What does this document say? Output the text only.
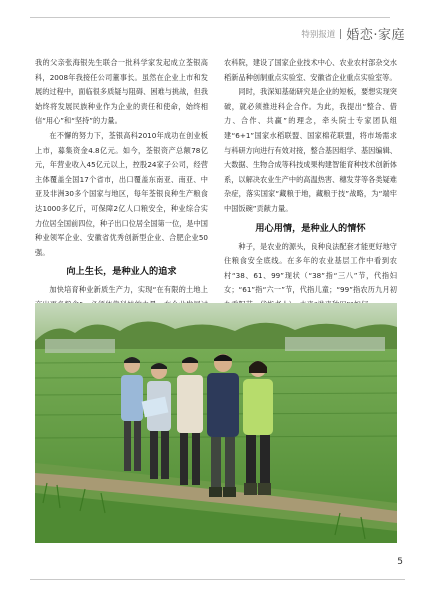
特别报道 婚恋·家庭

我的父亲张海银先生联合一批科学家发起成立荃银高科，2008年我接任公司董事长。虽然在企业上市和发展的过程中，面临很多质疑与阻碍、困难与挑战，但我始终将发展民族种业作为企业的责任和使命，始终相信“用心”和“坚持”的力量。

在不懈的努力下，荃银高科2010年成功在创业板上市，募集资金4.8亿元。如今，荃银资产总额78亿元，年营业收入45亿元以上，控股24家子公司，经营主体覆盖全国17个省市，出口覆盖东南亚、南亚、中亚及非洲30多个国家与地区，每年荃银良种生产粮食达1000多亿斤，可保障2亿人口粮安全，种业综合实力位居全国前四位，种子出口位居全国第一位，是中国种业领军企业、安徽省优秀创新型企业、合肥企业50强。

向上生长，是种业人的追求

加快培育种业新质生产力，实现“在有限的土地上

农科院，建设了国家企业技术中心、农业农村部杂交水稻新品种创制重点实验室、安徽省企业重点实验室等。

同时，我深知基础研究是企业的短板，要想实现突破，就必须推进科企合作。为此，我提出“整合、借力、合作、共赢”的理念，牵头院士专家团队组建“6+1”国家水稻联盟、国家棉花联盟，将市场需求与科研方向进行有效对接，整合基因组学、基因编辑、大数据、生物合成等科技成果构建智能育种技术创新体系，以解决农业生产中的高温热害、穗发芽等各类疑难杂症，落实国家“藏粮于地，藏粮于技”战略，为“端牢中国饭碗”贡献力量。

用心用情，是种业人的情怀

种子，是农业的源头，良种良法配套才能更好地守住粮食安全底线。在多年的农业基层工作中看到农村“38、61、99”现状（“38”指“三八”节，代指妇女；“61”指“六一”节，代指儿童；“99”指农历九月初

5
